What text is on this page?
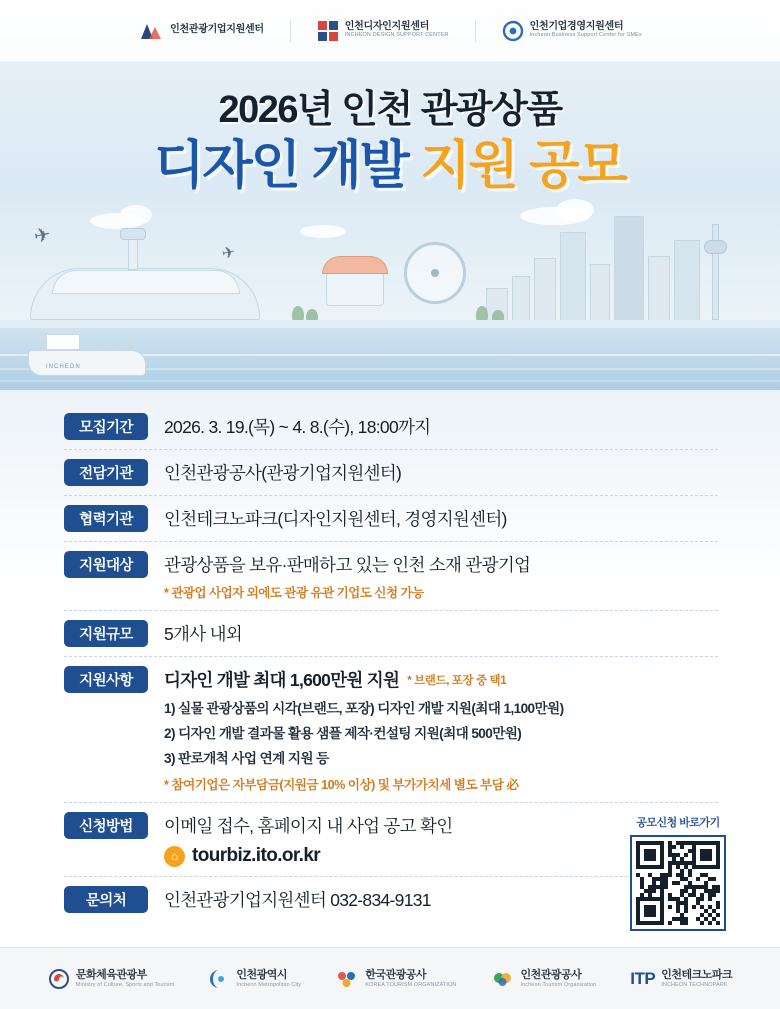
인천관광기업지원센터	인천디자인지원센터
INCHEON DESIGN SUPPORT CENTER
인천기업경영지원센터
Incheon Business Support Center for SMEs
2026년 인천 관광상품
디자인 개발 지원 공모
✈
✈
INCHEON
모집기간	2026. 3. 19.(목) ~ 4. 8.(수), 18:00까지
전담기관	인천관광공사(관광기업지원센터)
협력기관	인천테크노파크(디자인지원센터, 경영지원센터)
지원대상	관광상품을 보유·판매하고 있는 인천 소재 관광기업
* 관광업 사업자 외에도 관광 유관 기업도 신청 가능
지원규모	5개사 내외
지원사항	디자인 개발 최대 1,600만원 지원 * 브랜드, 포장 중 택1
1) 실물 관광상품의 시각(브랜드, 포장) 디자인 개발 지원(최대 1,100만원)
2) 디자인 개발 결과물 활용 샘플 제작·컨설팅 지원(최대 500만원)
3) 판로개척 사업 연계 지원 등
* 참여기업은 자부담금(지원금 10% 이상) 및 부가가치세 별도 부담 必
신청방법	이메일 접수, 홈페이지 내 사업 공고 확인
⌂ tourbiz.ito.or.kr
문의처	인천관광기업지원센터 032-834-9131
공모신청 바로가기
문화체육관광부
Ministry of Culture, Sports and Tourism
인천광역시
Incheon Metropolitan City
한국관광공사
KOREA TOURISM ORGANIZATION
인천관광공사
Incheon Tourism Organization ITP 인천테크노파크
INCHEON TECHNOPARK
